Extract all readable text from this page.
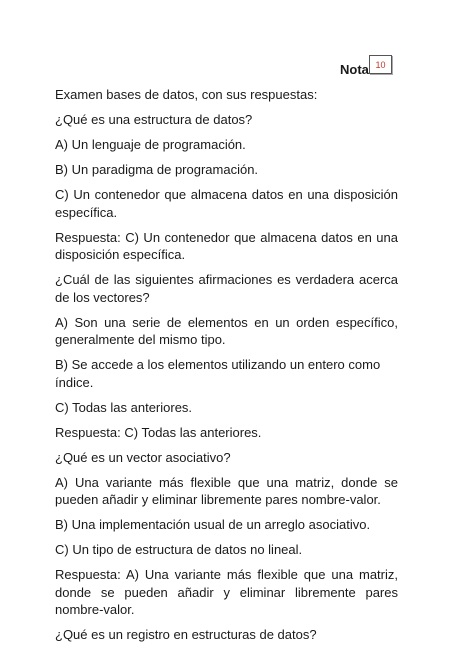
Nota 10

Examen bases de datos, con sus respuestas:

¿Qué es una estructura de datos?

A) Un lenguaje de programación.

B) Un paradigma de programación.

C) Un contenedor que almacena datos en una disposición específica.

Respuesta: C) Un contenedor que almacena datos en una disposición específica.

¿Cuál de las siguientes afirmaciones es verdadera acerca de los vectores?

A) Son una serie de elementos en un orden específico, generalmente del mismo tipo.

B) Se accede a los elementos utilizando un entero como índice.

C) Todas las anteriores.

Respuesta: C) Todas las anteriores.

¿Qué es un vector asociativo?

A) Una variante más flexible que una matriz, donde se pueden añadir y eliminar libremente pares nombre-valor.

B) Una implementación usual de un arreglo asociativo.

C) Un tipo de estructura de datos no lineal.

Respuesta: A) Una variante más flexible que una matriz, donde se pueden añadir y eliminar libremente pares nombre-valor.

¿Qué es un registro en estructuras de datos?
